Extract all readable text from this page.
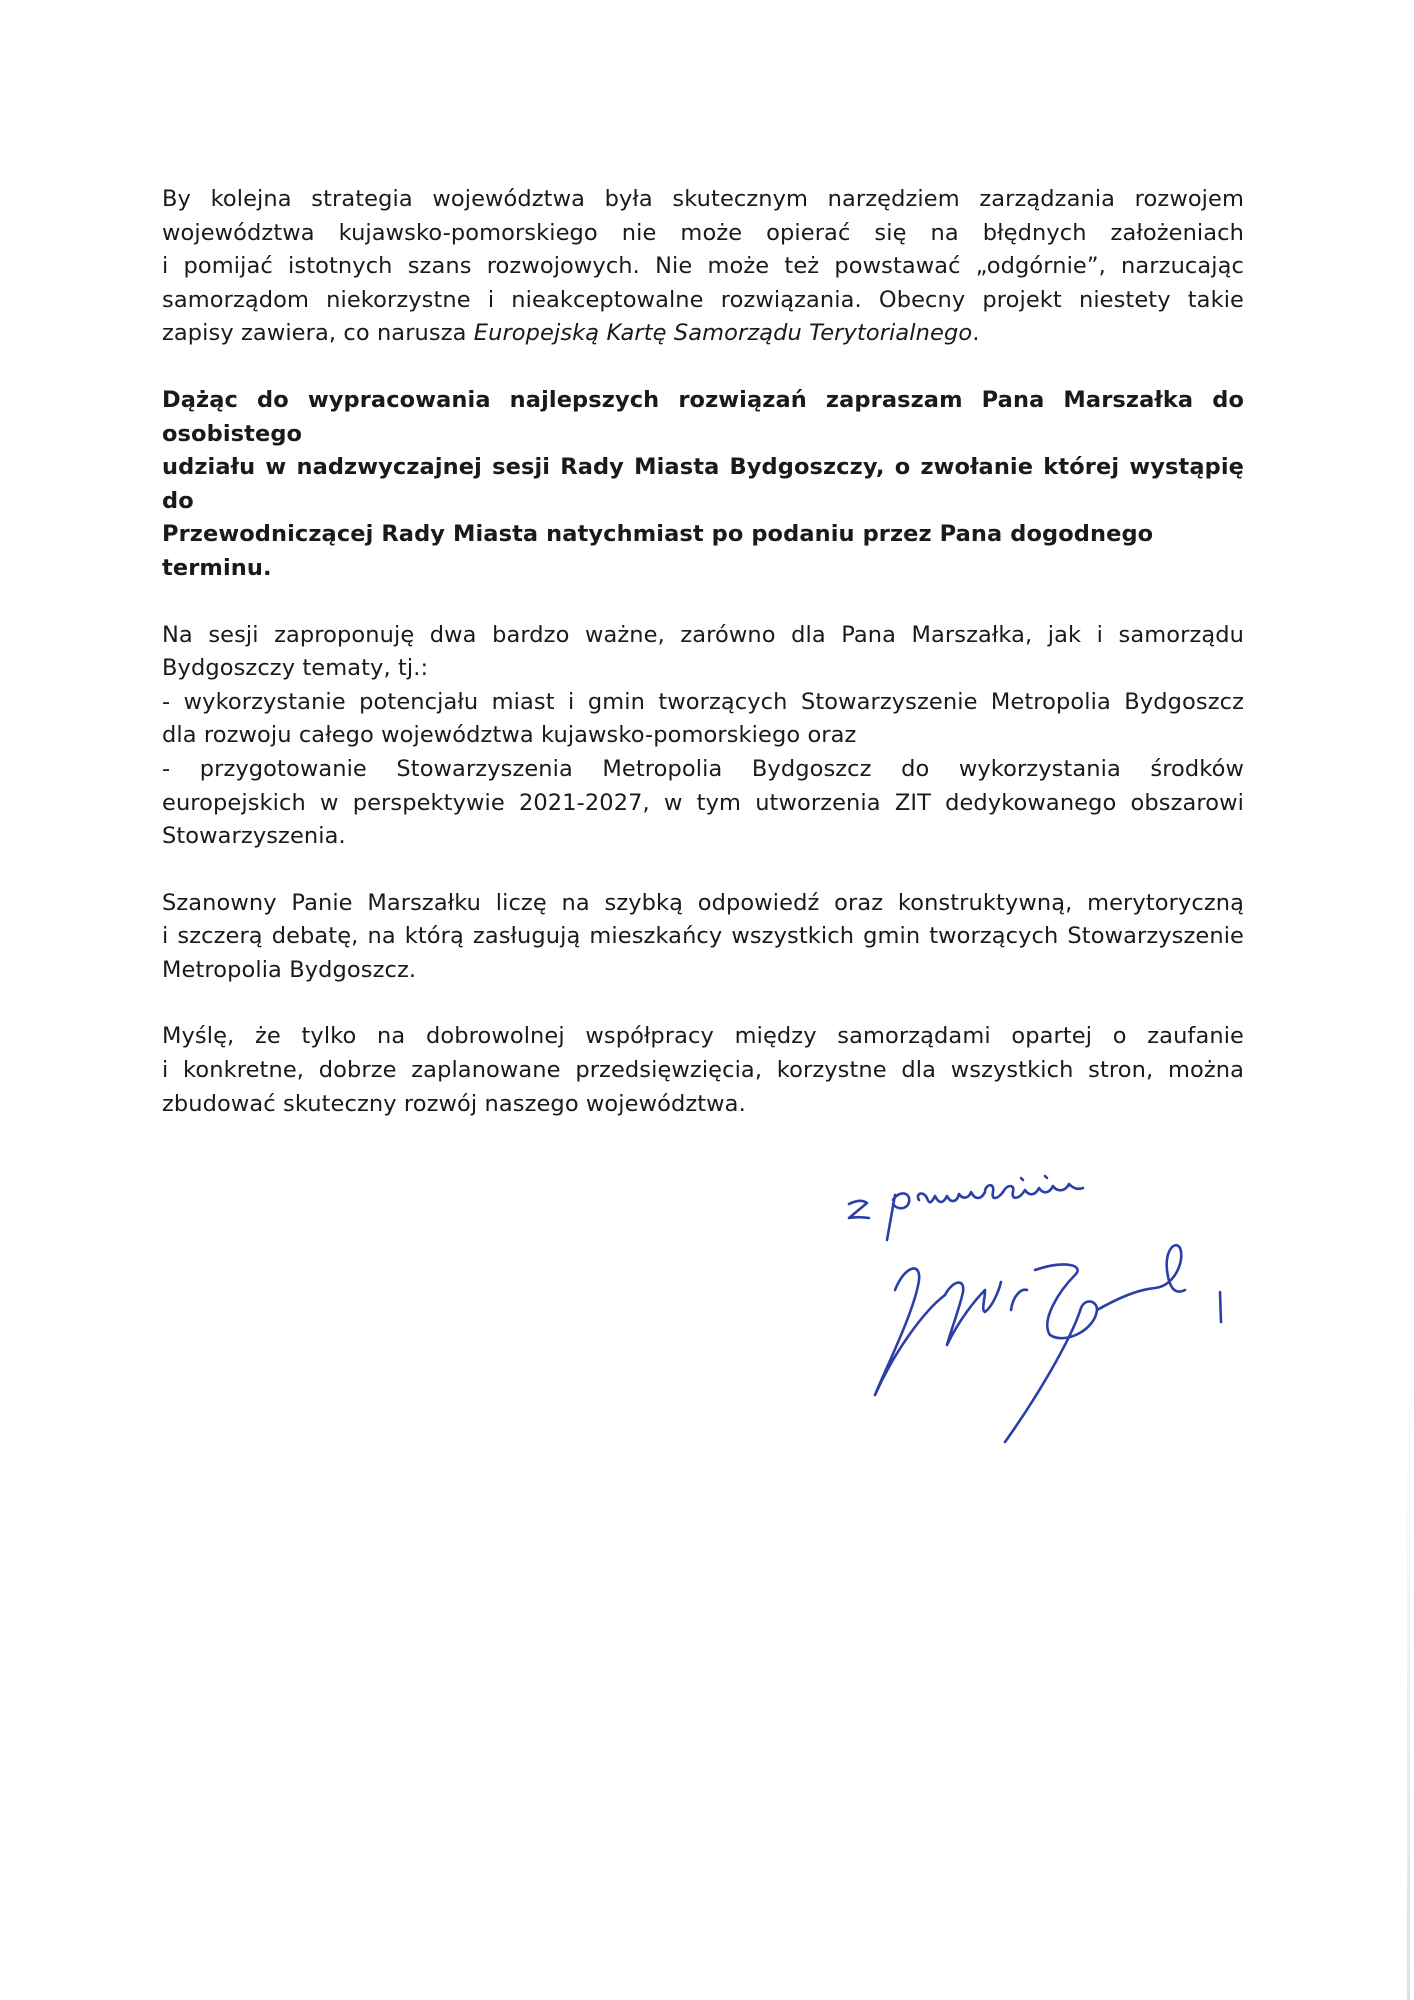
By kolejna strategia województwa była skutecznym narzędziem zarządzania rozwojem
województwa kujawsko-pomorskiego nie może opierać się na błędnych założeniach
i pomijać istotnych szans rozwojowych. Nie może też powstawać „odgórnie”, narzucając
samorządom niekorzystne i nieakceptowalne rozwiązania. Obecny projekt niestety takie
zapisy zawiera, co narusza Europejską Kartę Samorządu Terytorialnego.

Dążąc do wypracowania najlepszych rozwiązań zapraszam Pana Marszałka do osobistego
udziału w nadzwyczajnej sesji Rady Miasta Bydgoszczy, o zwołanie której wystąpię do
Przewodniczącej Rady Miasta natychmiast po podaniu przez Pana dogodnego terminu.

Na sesji zaproponuję dwa bardzo ważne, zarówno dla Pana Marszałka, jak i samorządu
Bydgoszczy tematy, tj.:
- wykorzystanie potencjału miast i gmin tworzących Stowarzyszenie Metropolia Bydgoszcz
dla rozwoju całego województwa kujawsko-pomorskiego oraz
- przygotowanie Stowarzyszenia Metropolia Bydgoszcz do wykorzystania środków
europejskich w perspektywie 2021-2027, w tym utworzenia ZIT dedykowanego obszarowi
Stowarzyszenia.

Szanowny Panie Marszałku liczę na szybką odpowiedź oraz konstruktywną, merytoryczną
i szczerą debatę, na którą zasługują mieszkańcy wszystkich gmin tworzących Stowarzyszenie
Metropolia Bydgoszcz.

Myślę, że tylko na dobrowolnej współpracy między samorządami opartej o zaufanie
i konkretne, dobrze zaplanowane przedsięwzięcia, korzystne dla wszystkich stron, można
zbudować skuteczny rozwój naszego województwa.
